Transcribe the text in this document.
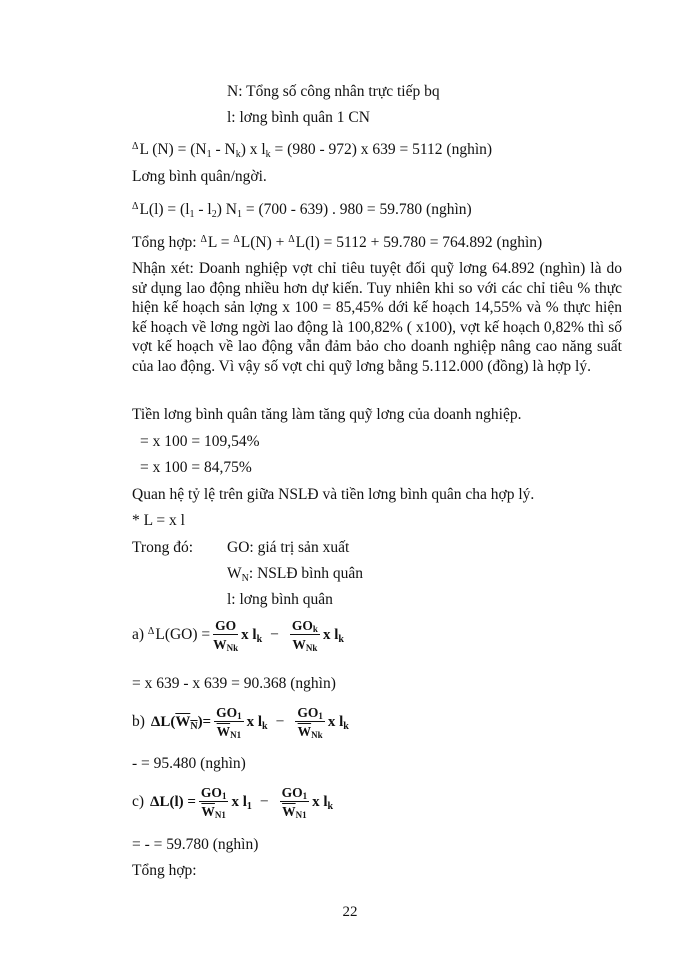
N: Tổng số công nhân trực tiếp bq
l: lơng bình quân 1 CN
$^\Delta$L $(N) = (N_1 - N_k)$ x $l_k = (980 - 972)$ x 639 = 5112 (nghìn)
Lơng bình quân/ngời.
$^\Delta L(l) = (l_1 - l_2) N_1 = (700 - 639)$ . 980 = 59.780 (nghìn)
Tổng hợp: $^\Delta$L = $^\Delta$L(N) + $^\Delta$L(l) = 5112 + 59.780 = 764.892 (nghìn)
Nhận xét: Doanh nghiệp vợt chỉ tiêu tuyệt đối quỹ lơng 64.892 (nghìn) là do sử dụng lao động nhiều hơn dự kiến. Tuy nhiên khi so với các chỉ tiêu % thực hiện kế hoạch sản lợng x 100 = 85,45% dới kế hoạch 14,55% và % thực hiện kế hoạch về lơng ngời lao động là 100,82% ( x100), vợt kế hoạch 0,82% thì số vợt kế hoạch về lao động vẫn đảm bảo cho doanh nghiệp nâng cao năng suất của lao động. Vì vậy số vợt chi quỹ lơng bằng 5.112.000 (đồng) là hợp lý.
Tiền lơng bình quân tăng làm tăng quỹ lơng của doanh nghiệp.
= x 100 = 109,54%
= x 100 = 84,75%
Quan hệ tỷ lệ trên giữa NSLĐ và tiền lơng bình quân cha hợp lý.
* L = x l
Trong đó: GO: giá trị sản xuất
$W_N$: NSLĐ bình quân
l: lơng bình quân
a) $^\Delta L(GO) = \frac{GO}{W_{Nk}}$ x $l_k - \frac{GO_k}{W_{Nk}}$ x $l_k$
= x 639 - x 639 = 90.368 (nghìn)
b) $\Delta L(W_N)= \frac{GO_1}{\overline{W}_{N1}}$ x $l_k - \frac{GO_1}{\overline{W}_{Nk}}$ x $l_k$
- = 95.480 (nghìn)
c) $\Delta L(l) = \frac{GO_1}{\overline{W}_{N1}}$ x $l_1 - \frac{GO_1}{\overline{W}_{N1}}$ x $l_k$
= - = 59.780 (nghìn)
Tổng hợp:
22
